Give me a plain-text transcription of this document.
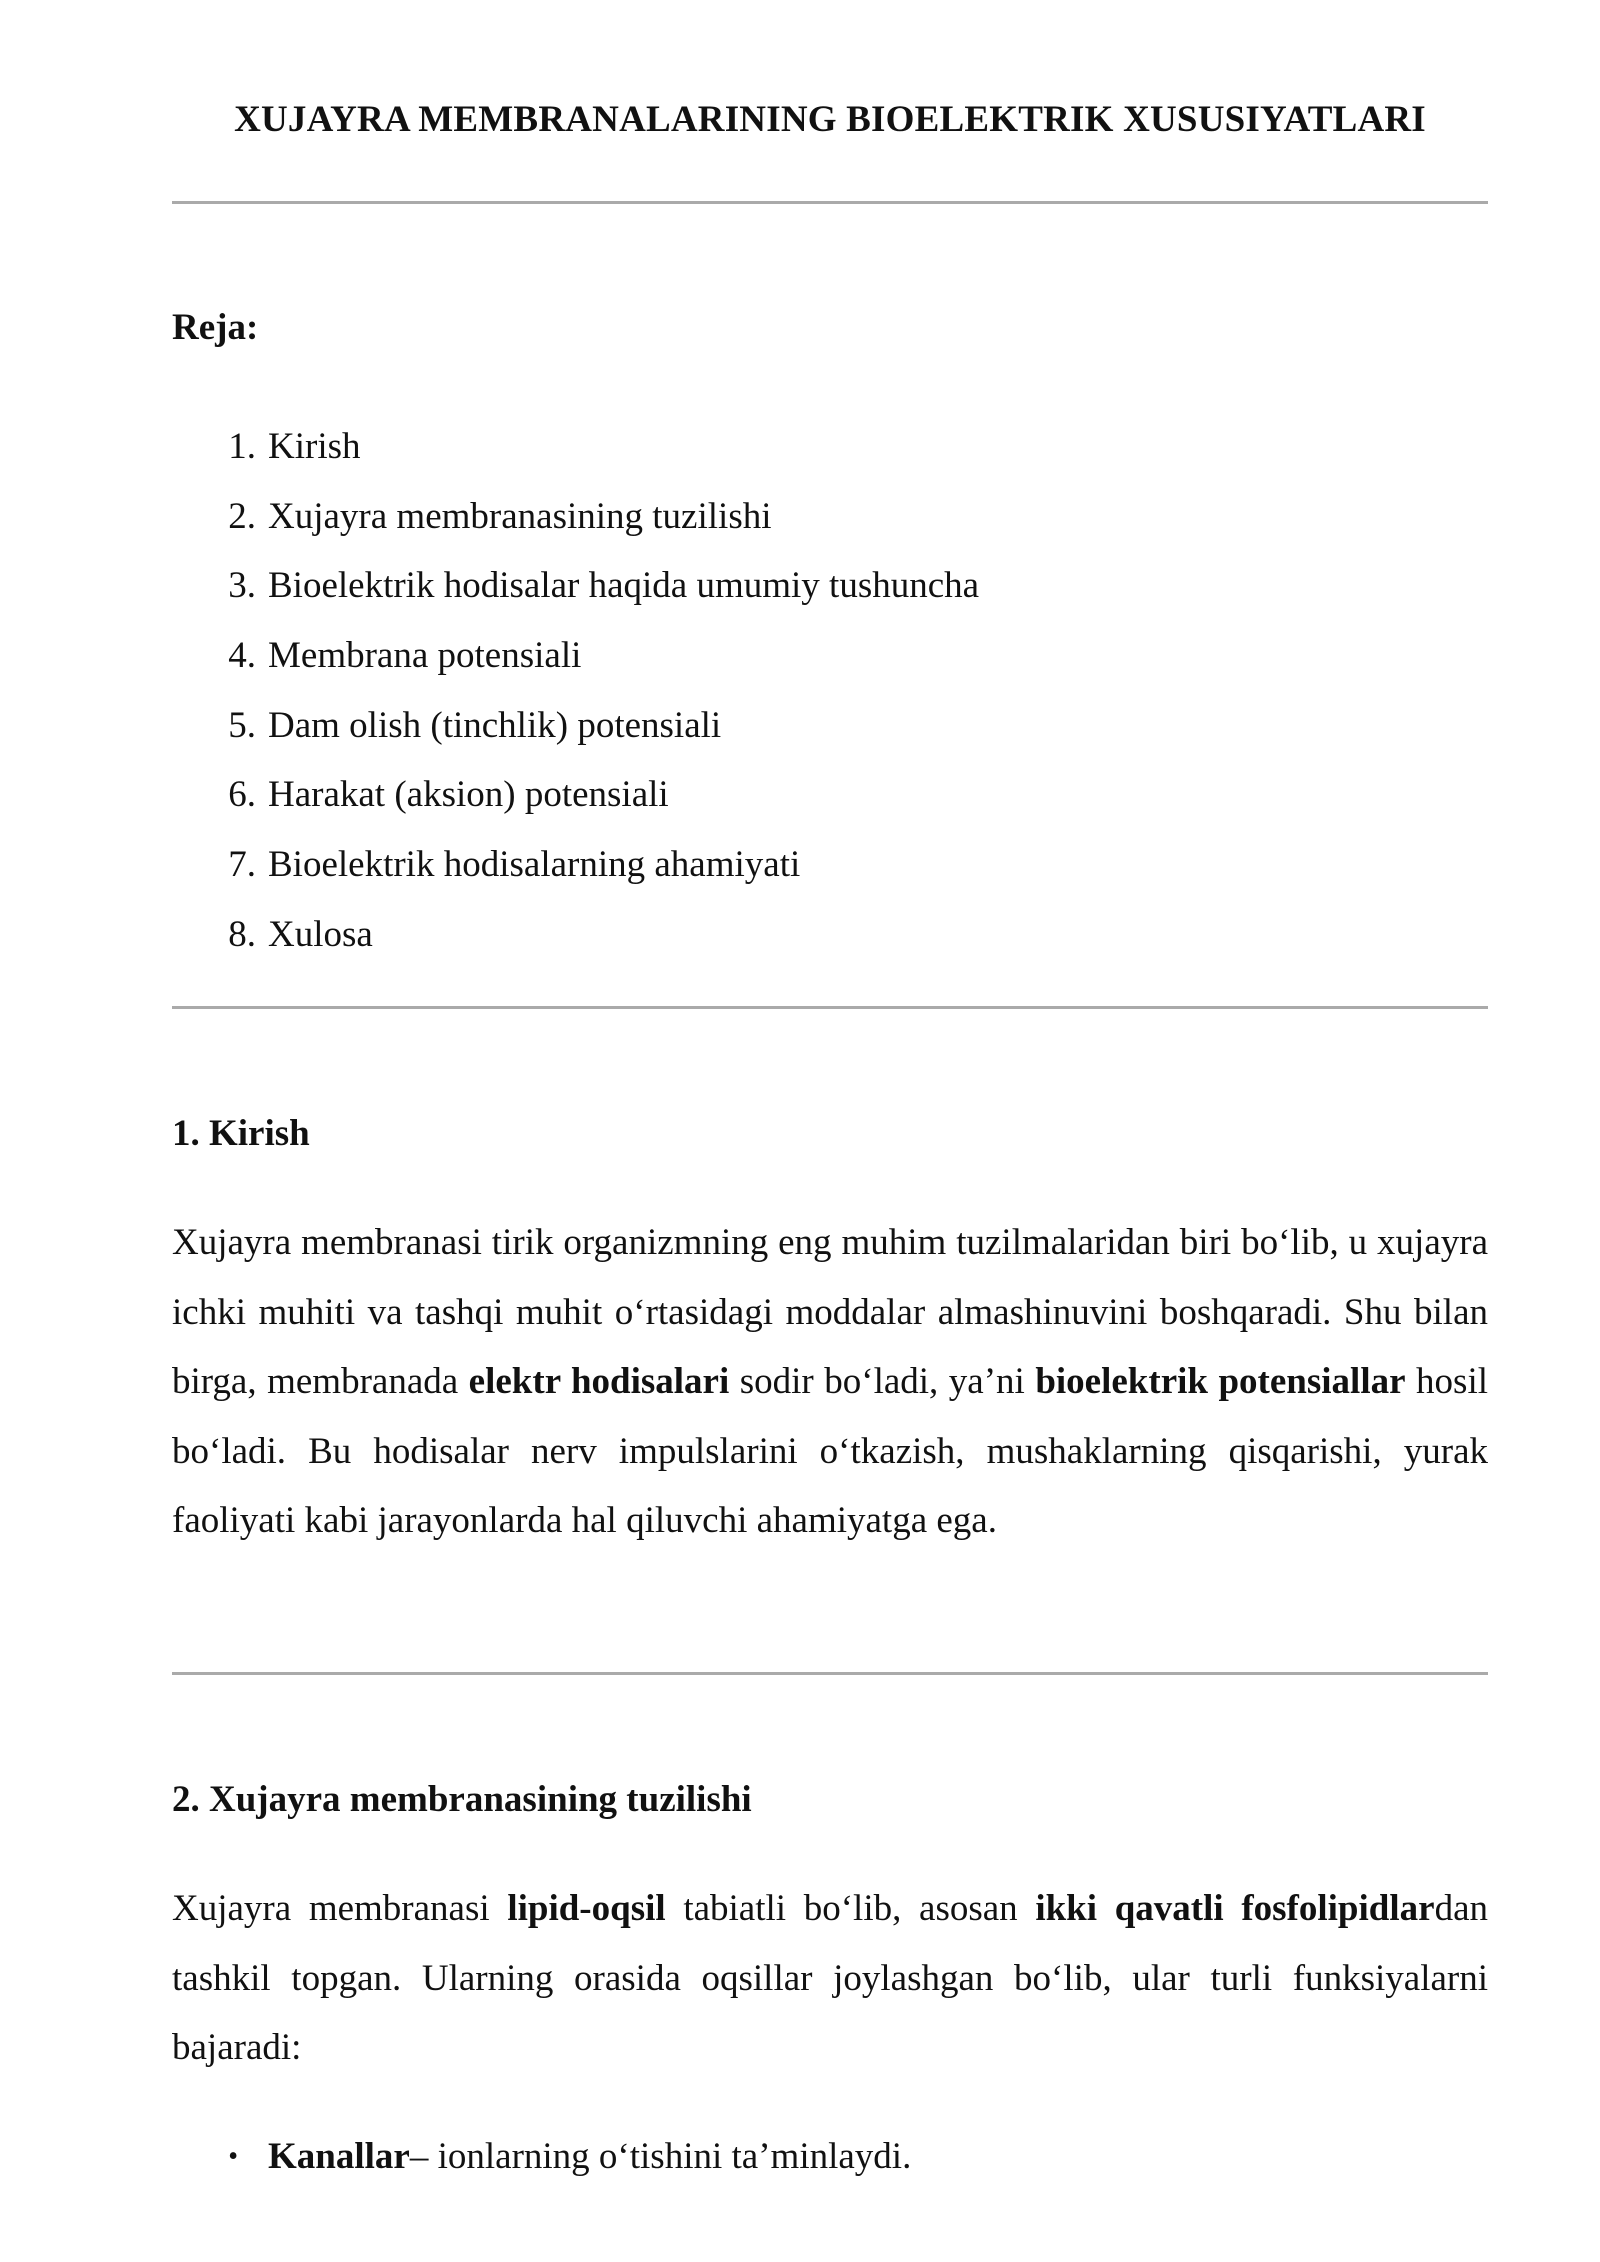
XUJAYRA MEMBRANALARINING BIOELEKTRIK XUSUSIYATLARI
Reja:
1. Kirish
2. Xujayra membranasining tuzilishi
3. Bioelektrik hodisalar haqida umumiy tushuncha
4. Membrana potensiali
5. Dam olish (tinchlik) potensiali
6. Harakat (aksion) potensiali
7. Bioelektrik hodisalarning ahamiyati
8. Xulosa
1. Kirish

Xujayra membranasi tirik organizmning eng muhim tuzilmalaridan biri bo‘lib, u xujayra ichki muhiti va tashqi muhit o‘rtasidagi moddalar almashinuvini boshqaradi. Shu bilan birga, membranada elektr hodisalari sodir bo‘ladi, ya’ni bioelektrik potensiallar hosil bo‘ladi. Bu hodisalar nerv impulslarini o‘tkazish, mushaklarning qisqarishi, yurak faoliyati kabi jarayonlarda hal qiluvchi ahamiyatga ega.

2. Xujayra membranasining tuzilishi

Xujayra membranasi lipid-oqsil tabiatli bo‘lib, asosan ikki qavatli fosfolipidlardan tashkil topgan. Ularning orasida oqsillar joylashgan bo‘lib, ular turli funksiyalarni bajaradi:

• Kanallar – ionlarning o‘tishini ta’minlaydi.
